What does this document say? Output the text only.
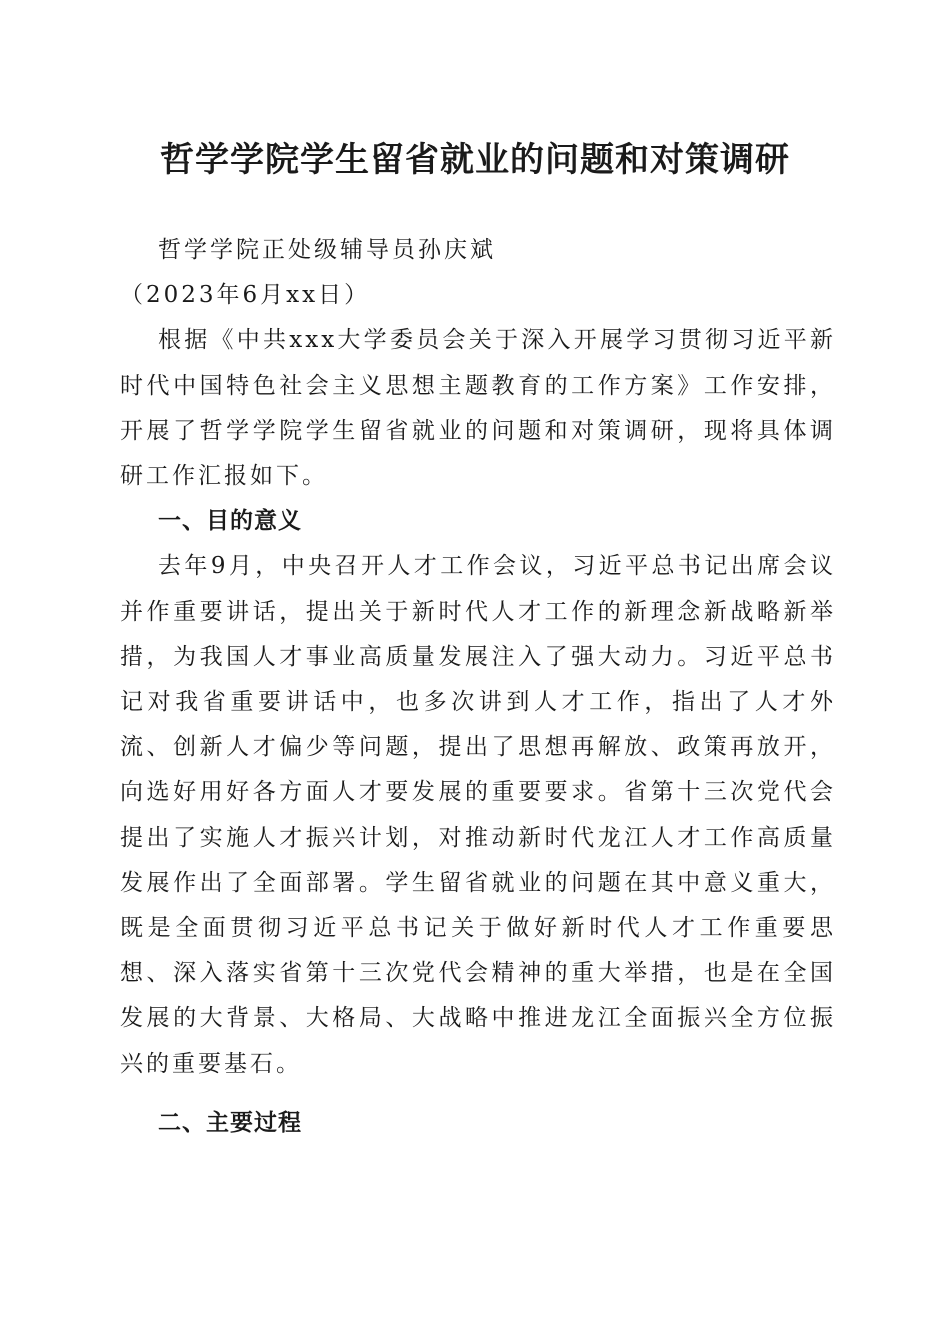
哲学学院学生留省就业的问题和对策调研

哲学学院正处级辅导员孙庆斌

（2023年6月xx日）

根据《中共xxx大学委员会关于深入开展学习贯彻习近平新时代中国特色社会主义思想主题教育的工作方案》工作安排，开展了哲学学院学生留省就业的问题和对策调研，现将具体调研工作汇报如下。

一、目的意义

去年9月，中央召开人才工作会议，习近平总书记出席会议并作重要讲话，提出关于新时代人才工作的新理念新战略新举措，为我国人才事业高质量发展注入了强大动力。习近平总书记对我省重要讲话中，也多次讲到人才工作，指出了人才外流、创新人才偏少等问题，提出了思想再解放、政策再放开，向选好用好各方面人才要发展的重要要求。省第十三次党代会提出了实施人才振兴计划，对推动新时代龙江人才工作高质量发展作出了全面部署。学生留省就业的问题在其中意义重大，既是全面贯彻习近平总书记关于做好新时代人才工作重要思想、深入落实省第十三次党代会精神的重大举措，也是在全国发展的大背景、大格局、大战略中推进龙江全面振兴全方位振兴的重要基石。

二、主要过程
